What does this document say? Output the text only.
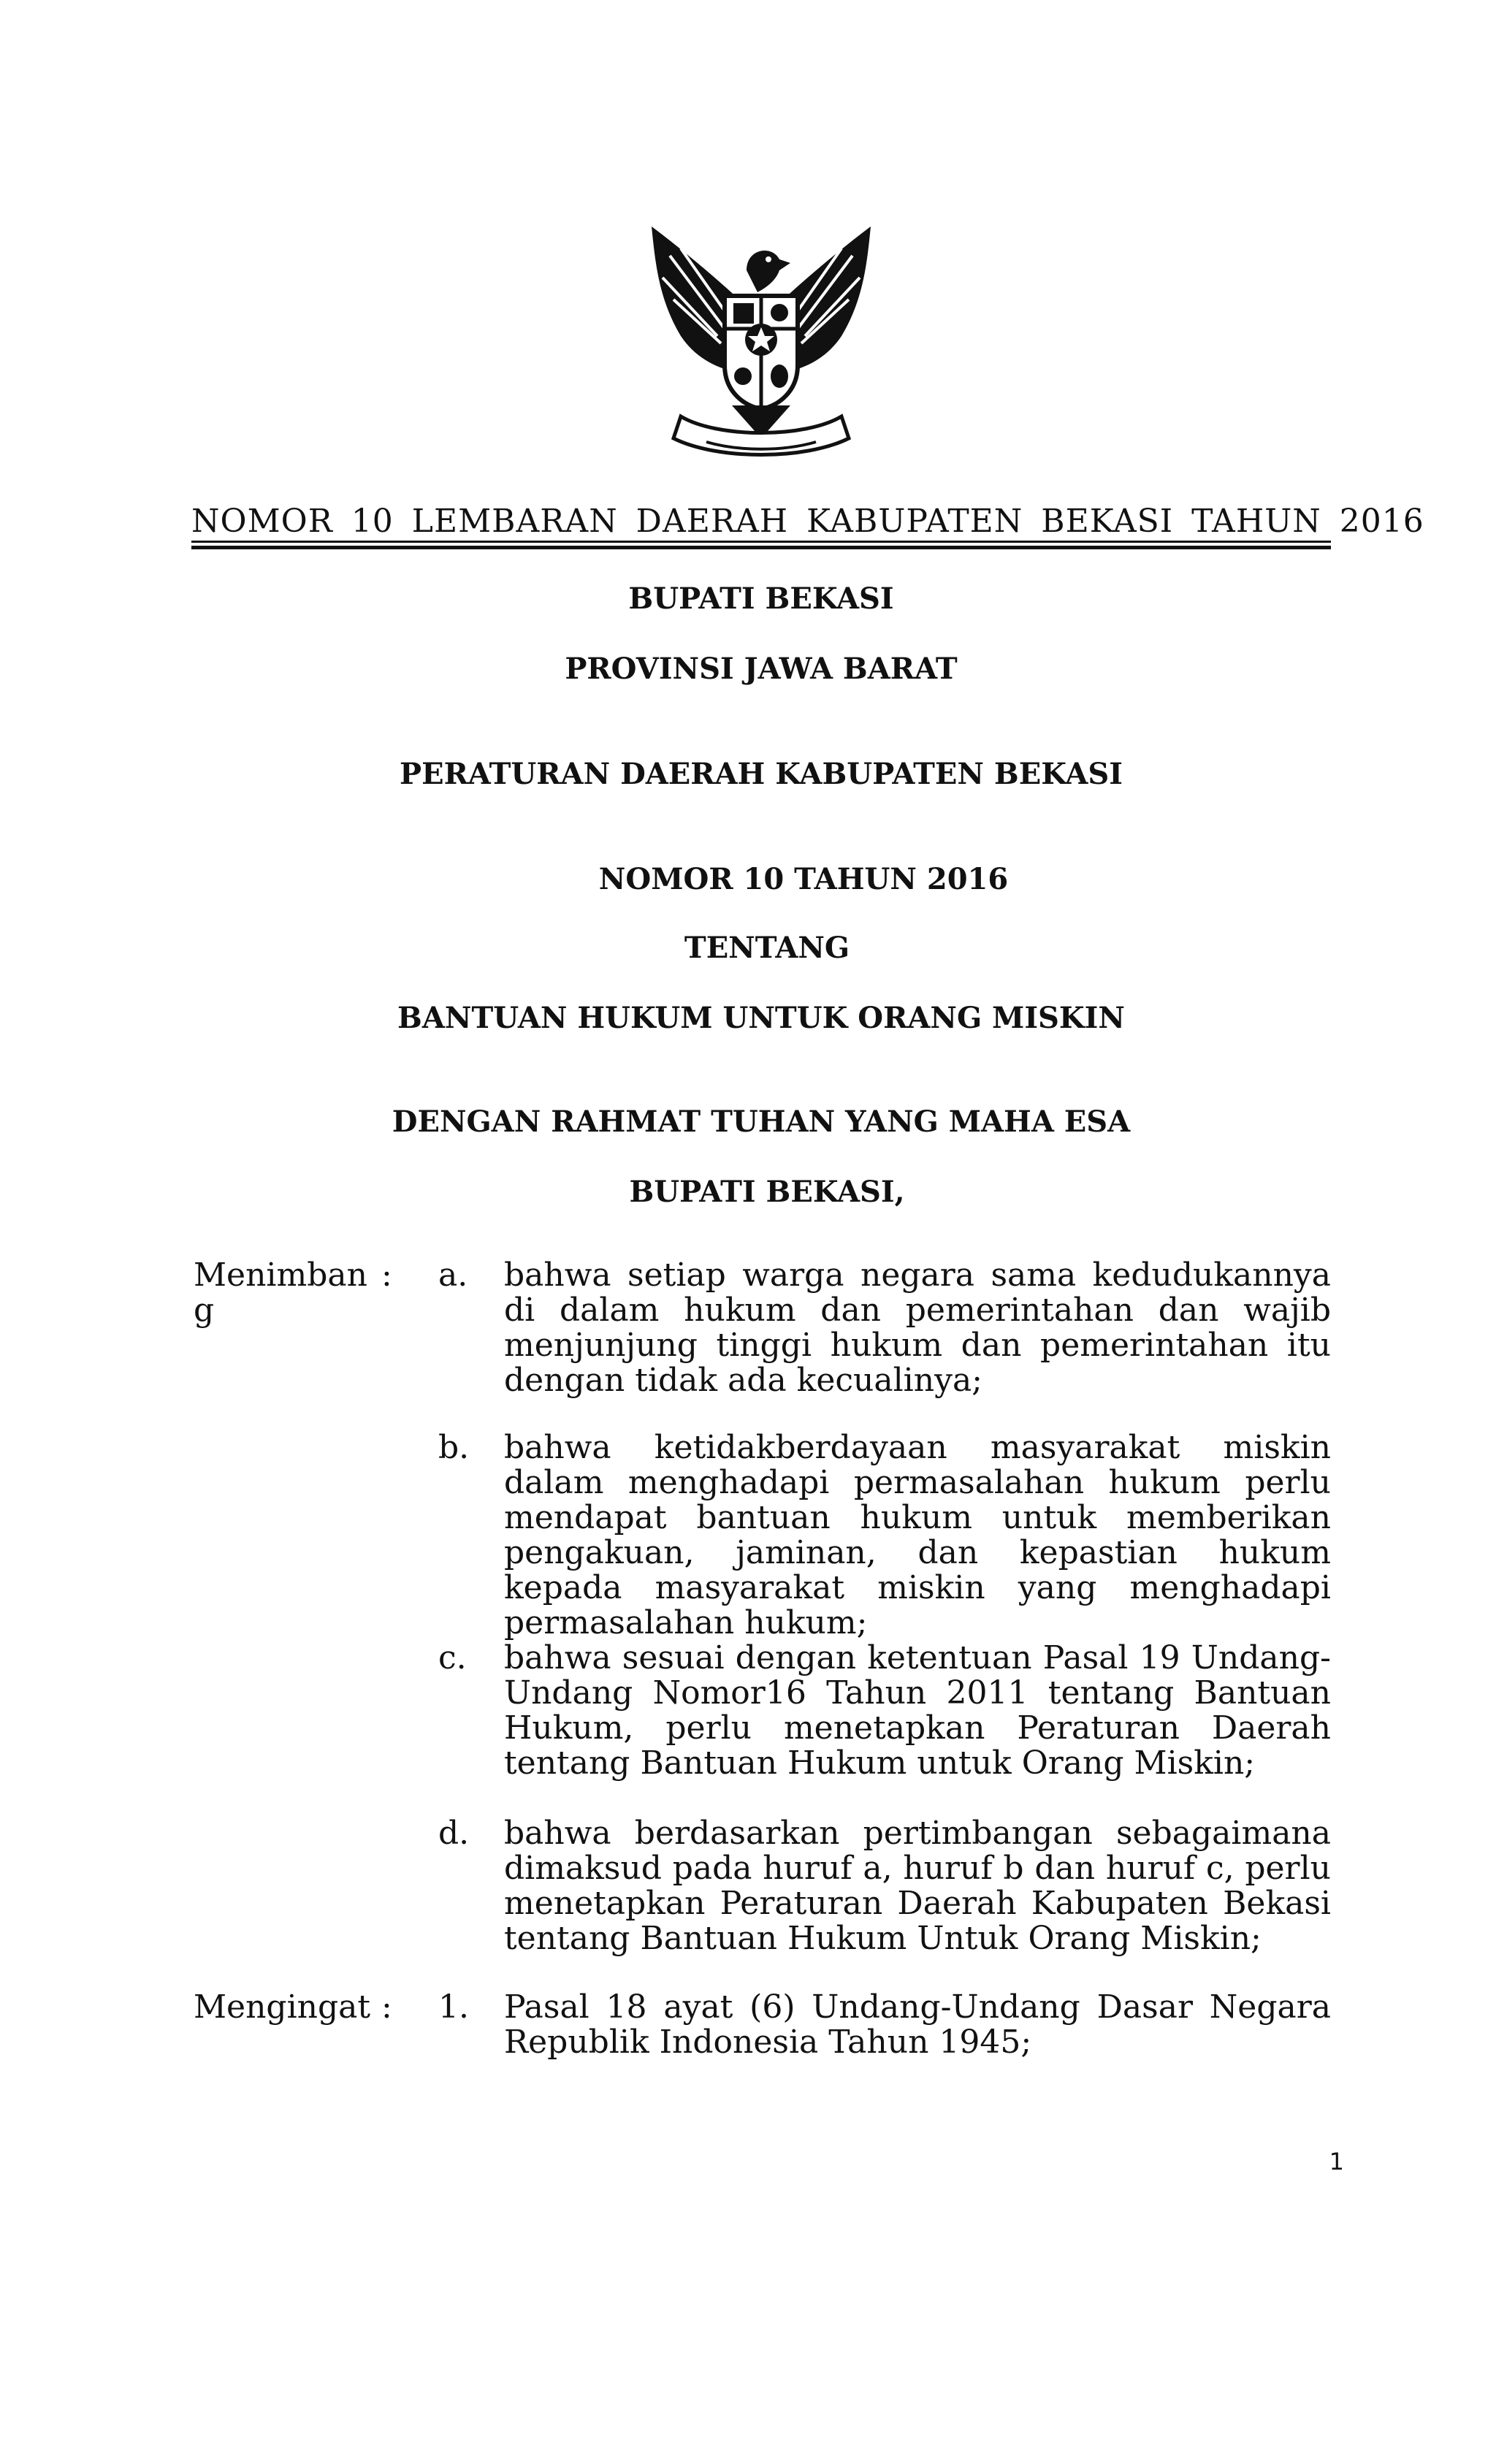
NOMOR 10 LEMBARAN DAERAH KABUPATEN BEKASI TAHUN 2016
BUPATI BEKASI
PROVINSI JAWA BARAT
PERATURAN DAERAH KABUPATEN BEKASI
NOMOR 10 TAHUN 2016
TENTANG
BANTUAN HUKUM UNTUK ORANG MISKIN
DENGAN RAHMAT TUHAN YANG MAHA ESA
BUPATI BEKASI,
Menimban g
: a. bahwa setiap warga negara sama kedudukannya di dalam hukum dan pemerintahan dan wajib menjunjung tinggi hukum dan pemerintahan itu dengan tidak ada kecualinya;
b. bahwa ketidakberdayaan masyarakat miskin dalam menghadapi permasalahan hukum perlu mendapat bantuan hukum untuk memberikan pengakuan, jaminan, dan kepastian hukum kepada masyarakat miskin yang menghadapi permasalahan hukum;
c. bahwa sesuai dengan ketentuan Pasal 19 Undang-Undang Nomor16 Tahun 2011 tentang Bantuan Hukum, perlu menetapkan Peraturan Daerah tentang Bantuan Hukum untuk Orang Miskin;
d. bahwa berdasarkan pertimbangan sebagaimana dimaksud pada huruf a, huruf b dan huruf c, perlu menetapkan Peraturan Daerah Kabupaten Bekasi tentang Bantuan Hukum Untuk Orang Miskin;
Mengingat : 1. Pasal 18 ayat (6) Undang-Undang Dasar Negara Republik Indonesia Tahun 1945;
1
